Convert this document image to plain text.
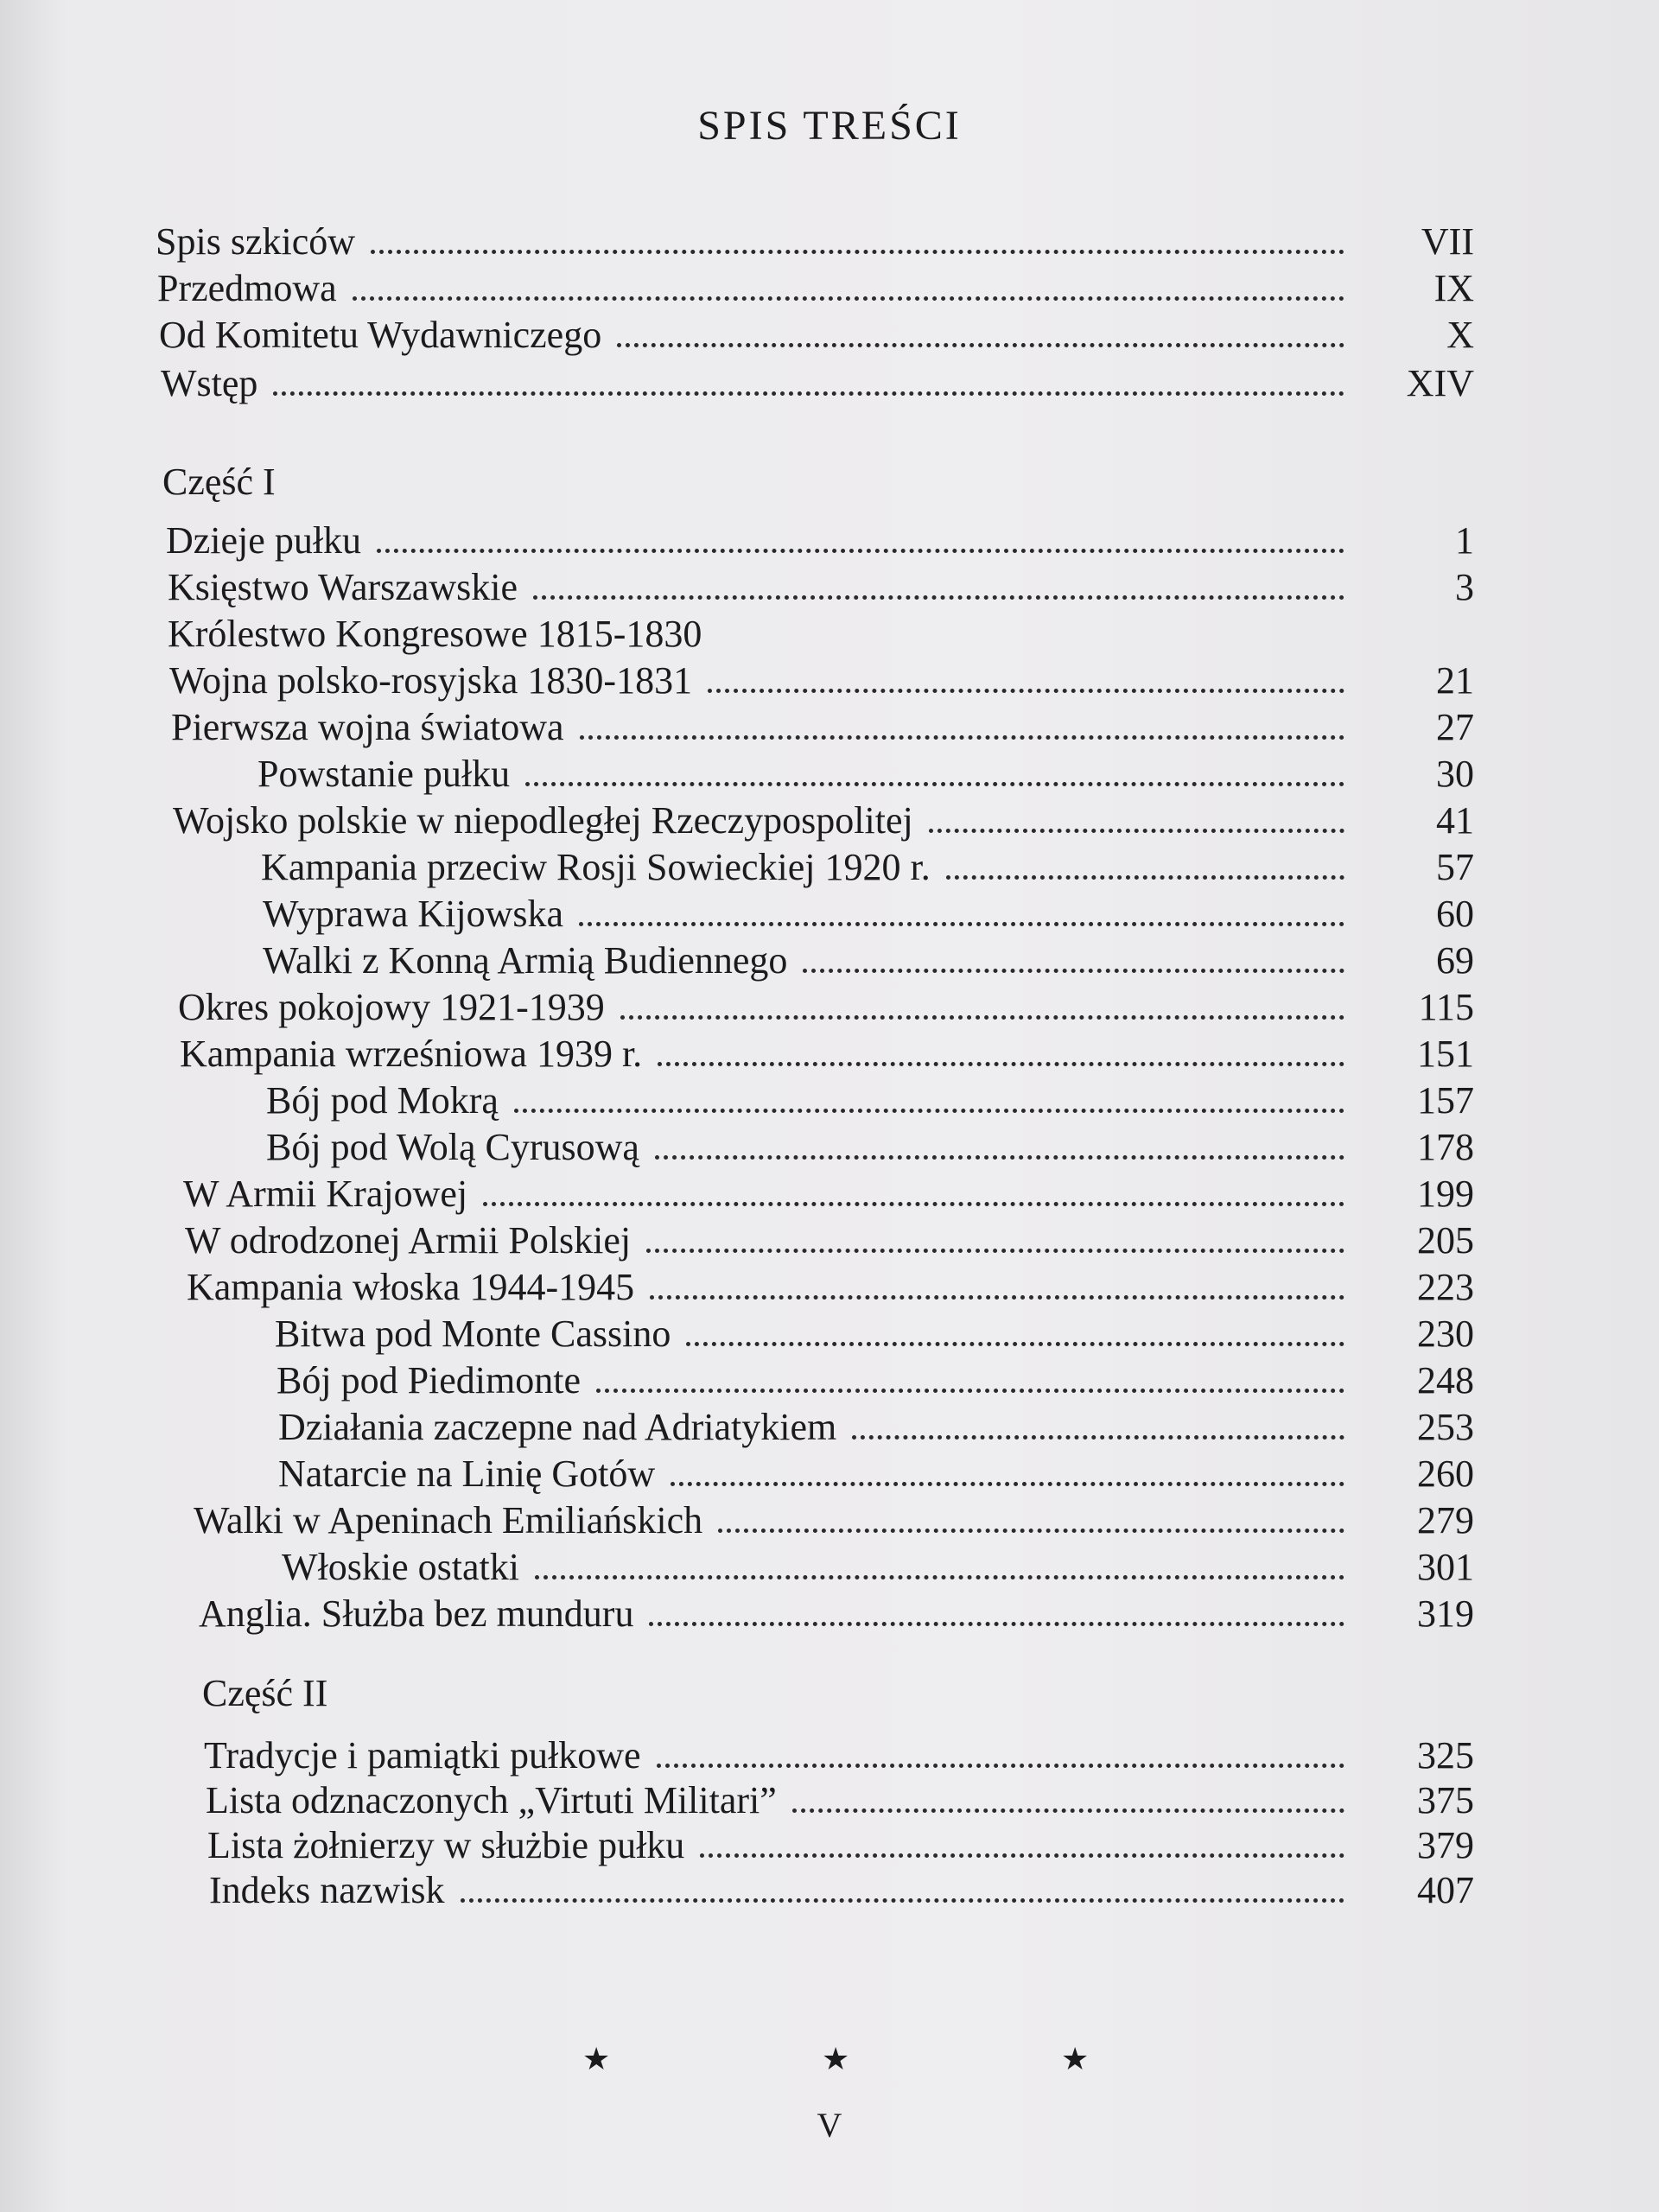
SPIS TREŚCI
Spis szkiców	VII
Przedmowa	IX
Od Komitetu Wydawniczego	X
Wstęp	XIV
Część I
Dzieje pułku	1
Księstwo Warszawskie	3
Królestwo Kongresowe 1815-1830
Wojna polsko-rosyjska 1830-1831	21
Pierwsza wojna światowa	27
Powstanie pułku	30
Wojsko polskie w niepodległej Rzeczypospolitej	41
Kampania przeciw Rosji Sowieckiej 1920 r.	57
Wyprawa Kijowska	60
Walki z Konną Armią Budiennego	69
Okres pokojowy 1921-1939	115
Kampania wrześniowa 1939 r.	151
Bój pod Mokrą	157
Bój pod Wolą Cyrusową	178
W Armii Krajowej	199
W odrodzonej Armii Polskiej	205
Kampania włoska 1944-1945	223
Bitwa pod Monte Cassino	230
Bój pod Piedimonte	248
Działania zaczepne nad Adriatykiem	253
Natarcie na Linię Gotów	260
Walki w Apeninach Emiliańskich	279
Włoskie ostatki	301
Anglia. Służba bez munduru	319
Część II
Tradycje i pamiątki pułkowe	325
Lista odznaczonych „Virtuti Militari”	375
Lista żołnierzy w służbie pułku	379
Indeks nazwisk	407
★	★	★
V
